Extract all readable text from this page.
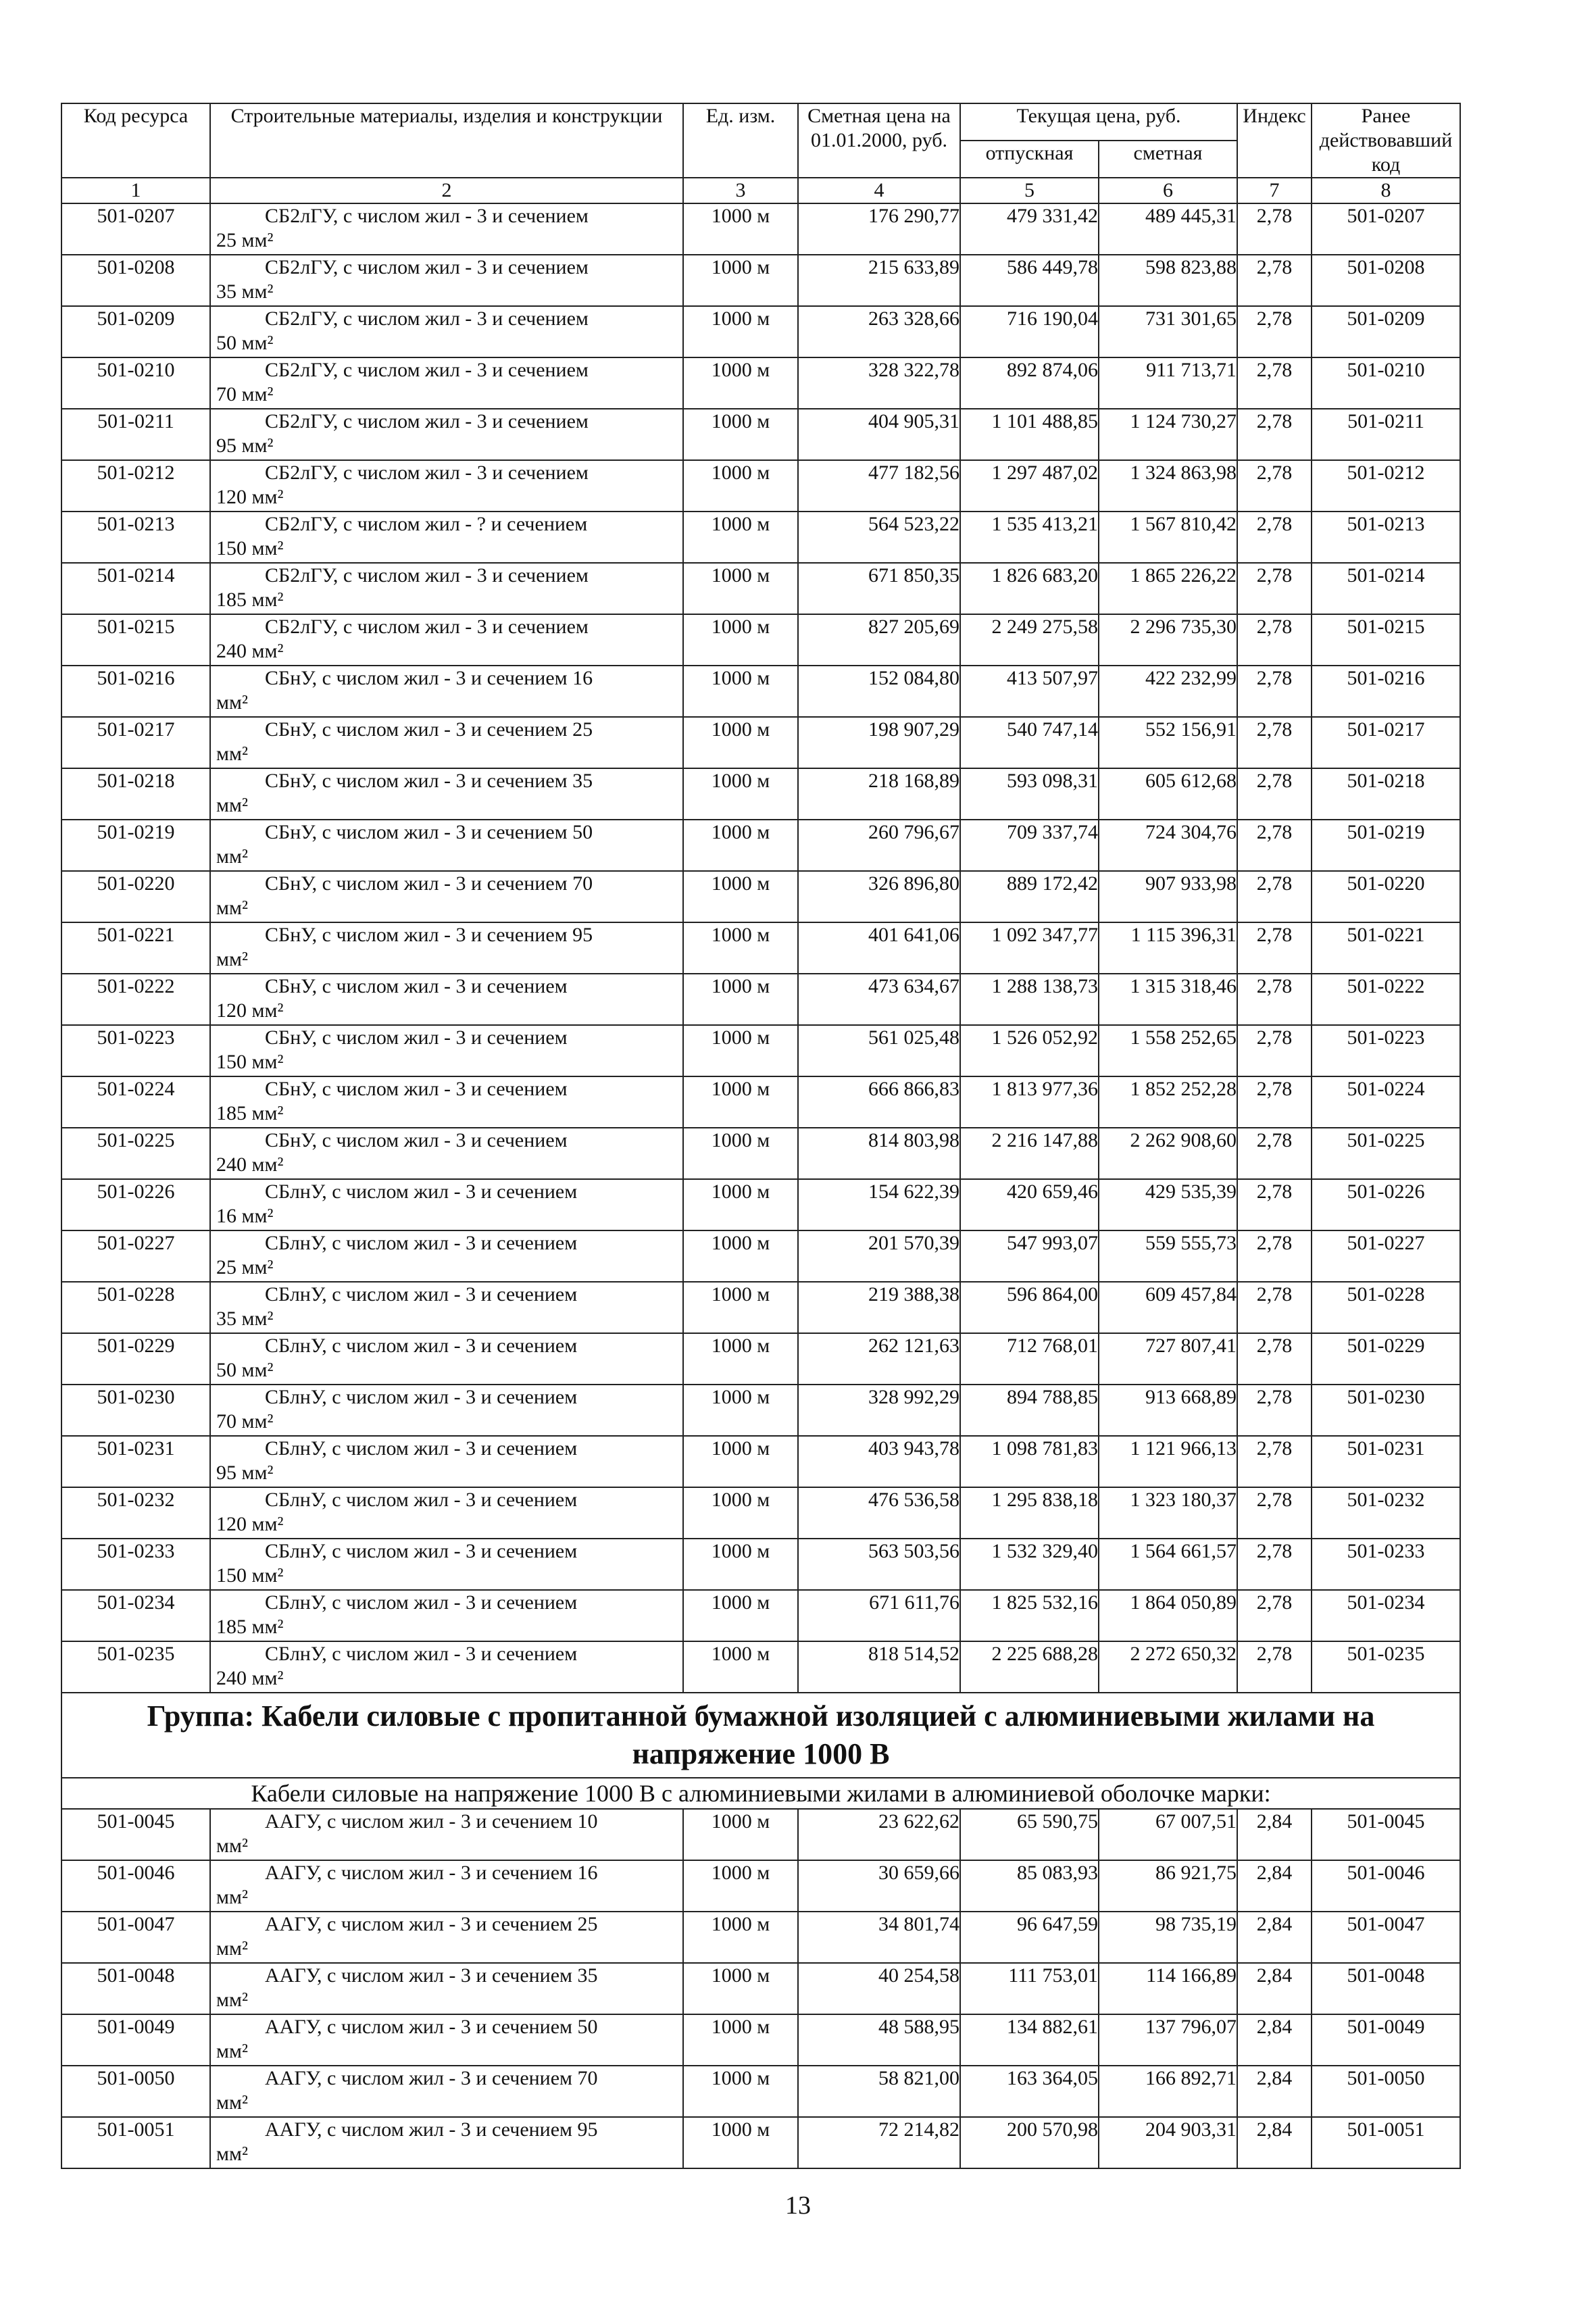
Код ресурса	Строительные материалы, изделия и конструкции	Ед. изм.	Сметная цена на 01.01.2000, руб.	Текущая цена, руб.		Индекс	Ранее действовавший код
				отпускная	сметная		
1	2	3	4	5	6	7	8
501-0207	СБ2лГУ, с числом жил - 3 и сечением
25 мм²	1000 м	176 290,77	479 331,42	489 445,31	2,78	501-0207
501-0208	СБ2лГУ, с числом жил - 3 и сечением
35 мм²	1000 м	215 633,89	586 449,78	598 823,88	2,78	501-0208
501-0209	СБ2лГУ, с числом жил - 3 и сечением
50 мм²	1000 м	263 328,66	716 190,04	731 301,65	2,78	501-0209
501-0210	СБ2лГУ, с числом жил - 3 и сечением
70 мм²	1000 м	328 322,78	892 874,06	911 713,71	2,78	501-0210
501-0211	СБ2лГУ, с числом жил - 3 и сечением
95 мм²	1000 м	404 905,31	1 101 488,85	1 124 730,27	2,78	501-0211
501-0212	СБ2лГУ, с числом жил - 3 и сечением
120 мм²	1000 м	477 182,56	1 297 487,02	1 324 863,98	2,78	501-0212
501-0213	СБ2лГУ, с числом жил - ? и сечением
150 мм²	1000 м	564 523,22	1 535 413,21	1 567 810,42	2,78	501-0213
501-0214	СБ2лГУ, с числом жил - 3 и сечением
185 мм²	1000 м	671 850,35	1 826 683,20	1 865 226,22	2,78	501-0214
501-0215	СБ2лГУ, с числом жил - 3 и сечением
240 мм²	1000 м	827 205,69	2 249 275,58	2 296 735,30	2,78	501-0215
501-0216	СБнУ, с числом жил - 3 и сечением 16
мм²	1000 м	152 084,80	413 507,97	422 232,99	2,78	501-0216
501-0217	СБнУ, с числом жил - 3 и сечением 25
мм²	1000 м	198 907,29	540 747,14	552 156,91	2,78	501-0217
501-0218	СБнУ, с числом жил - 3 и сечением 35
мм²	1000 м	218 168,89	593 098,31	605 612,68	2,78	501-0218
501-0219	СБнУ, с числом жил - 3 и сечением 50
мм²	1000 м	260 796,67	709 337,74	724 304,76	2,78	501-0219
501-0220	СБнУ, с числом жил - 3 и сечением 70
мм²	1000 м	326 896,80	889 172,42	907 933,98	2,78	501-0220
501-0221	СБнУ, с числом жил - 3 и сечением 95
мм²	1000 м	401 641,06	1 092 347,77	1 115 396,31	2,78	501-0221
501-0222	СБнУ, с числом жил - 3 и сечением
120 мм²	1000 м	473 634,67	1 288 138,73	1 315 318,46	2,78	501-0222
501-0223	СБнУ, с числом жил - 3 и сечением
150 мм²	1000 м	561 025,48	1 526 052,92	1 558 252,65	2,78	501-0223
501-0224	СБнУ, с числом жил - 3 и сечением
185 мм²	1000 м	666 866,83	1 813 977,36	1 852 252,28	2,78	501-0224
501-0225	СБнУ, с числом жил - 3 и сечением
240 мм²	1000 м	814 803,98	2 216 147,88	2 262 908,60	2,78	501-0225
501-0226	СБлнУ, с числом жил - 3 и сечением
16 мм²	1000 м	154 622,39	420 659,46	429 535,39	2,78	501-0226
501-0227	СБлнУ, с числом жил - 3 и сечением
25 мм²	1000 м	201 570,39	547 993,07	559 555,73	2,78	501-0227
501-0228	СБлнУ, с числом жил - 3 и сечением
35 мм²	1000 м	219 388,38	596 864,00	609 457,84	2,78	501-0228
501-0229	СБлнУ, с числом жил - 3 и сечением
50 мм²	1000 м	262 121,63	712 768,01	727 807,41	2,78	501-0229
501-0230	СБлнУ, с числом жил - 3 и сечением
70 мм²	1000 м	328 992,29	894 788,85	913 668,89	2,78	501-0230
501-0231	СБлнУ, с числом жил - 3 и сечением
95 мм²	1000 м	403 943,78	1 098 781,83	1 121 966,13	2,78	501-0231
501-0232	СБлнУ, с числом жил - 3 и сечением
120 мм²	1000 м	476 536,58	1 295 838,18	1 323 180,37	2,78	501-0232
501-0233	СБлнУ, с числом жил - 3 и сечением
150 мм²	1000 м	563 503,56	1 532 329,40	1 564 661,57	2,78	501-0233
501-0234	СБлнУ, с числом жил - 3 и сечением
185 мм²	1000 м	671 611,76	1 825 532,16	1 864 050,89	2,78	501-0234
501-0235	СБлнУ, с числом жил - 3 и сечением
240 мм²	1000 м	818 514,52	2 225 688,28	2 272 650,32	2,78	501-0235
Группа: Кабели силовые с пропитанной бумажной изоляцией с алюминиевыми жилами на напряжение 1000 В							
Кабели силовые на напряжение 1000 В с алюминиевыми жилами в алюминиевой оболочке марки:							
501-0045	ААГУ, с числом жил - 3 и сечением 10
мм²	1000 м	23 622,62	65 590,75	67 007,51	2,84	501-0045
501-0046	ААГУ, с числом жил - 3 и сечением 16
мм²	1000 м	30 659,66	85 083,93	86 921,75	2,84	501-0046
501-0047	ААГУ, с числом жил - 3 и сечением 25
мм²	1000 м	34 801,74	96 647,59	98 735,19	2,84	501-0047
501-0048	ААГУ, с числом жил - 3 и сечением 35
мм²	1000 м	40 254,58	111 753,01	114 166,89	2,84	501-0048
501-0049	ААГУ, с числом жил - 3 и сечением 50
мм²	1000 м	48 588,95	134 882,61	137 796,07	2,84	501-0049
501-0050	ААГУ, с числом жил - 3 и сечением 70
мм²	1000 м	58 821,00	163 364,05	166 892,71	2,84	501-0050
501-0051	ААГУ, с числом жил - 3 и сечением 95
мм²	1000 м	72 214,82	200 570,98	204 903,31	2,84	501-0051
13
